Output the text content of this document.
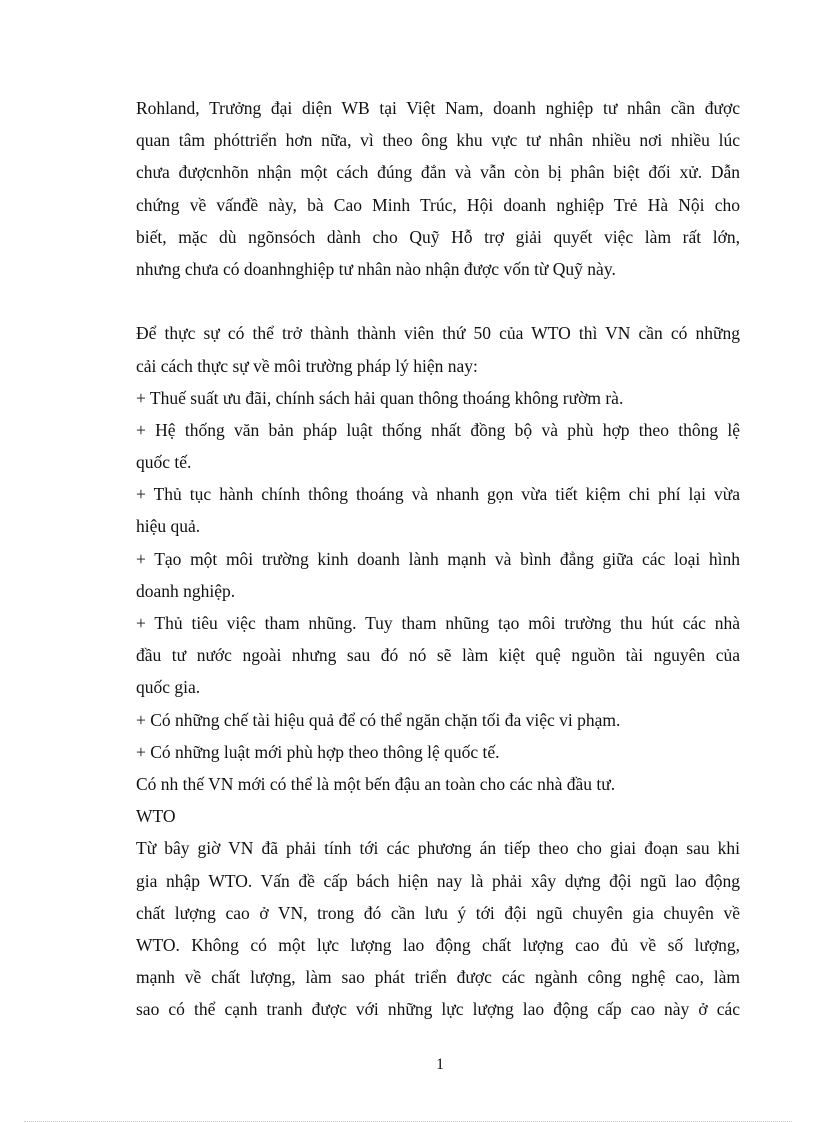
Rohland, Trưởng đại diện WB tại Việt Nam, doanh nghiệp tư nhân cần được
quan tâm phóttriển hơn nữa, vì theo ông khu vực tư nhân nhiều nơi nhiều lúc
chưa đượcnhõn nhận một cách đúng đắn và vẫn còn bị phân biệt đối xử. Dẫn
chứng về vấnđề này, bà Cao Minh Trúc, Hội doanh nghiệp Trẻ Hà Nội cho
biết, mặc dù ngõnsóch dành cho Quỹ Hỗ trợ giải quyết việc làm rất lớn,
nhưng chưa có doanhnghiệp tư nhân nào nhận được vốn từ Quỹ này.
Để thực sự có thể trở thành thành viên thứ 50 của WTO thì VN cần có những
cải cách thực sự về môi trường pháp lý hiện nay:
+ Thuế suất ưu đãi, chính sách hải quan thông thoáng không rườm rà.
+ Hệ thống văn bản pháp luật thống nhất đồng bộ và phù hợp theo thông lệ
quốc tế.
+ Thủ tục hành chính thông thoáng và nhanh gọn vừa tiết kiệm chi phí lại vừa
hiệu quả.
+ Tạo một môi trường kinh doanh lành mạnh và bình đẳng giữa các loại hình
doanh nghiệp.
+ Thủ tiêu việc tham nhũng. Tuy tham nhũng tạo môi trường thu hút các nhà
đầu tư nước ngoài nhưng sau đó nó sẽ làm kiệt quệ nguồn tài nguyên của
quốc gia.
+ Có những chế tài hiệu quả để có thể ngăn chặn tối đa việc vi phạm.
+ Có những luật mới phù hợp theo thông lệ quốc tế.
Có nh thế VN mới có thể là một bến đậu an toàn cho các nhà đầu tư.
WTO
Từ bây giờ VN đã phải tính tới các phương án tiếp theo cho giai đoạn sau khi
gia nhập WTO. Vấn đề cấp bách hiện nay là phải xây dựng đội ngũ lao động
chất lượng cao ở VN, trong đó cần lưu ý tới đội ngũ chuyên gia chuyên về
WTO. Không có một lực lượng lao động chất lượng cao đủ về số lượng,
mạnh về chất lượng, làm sao phát triển được các ngành công nghệ cao, làm
sao có thể cạnh tranh được với những lực lượng lao động cấp cao này ở các
1
